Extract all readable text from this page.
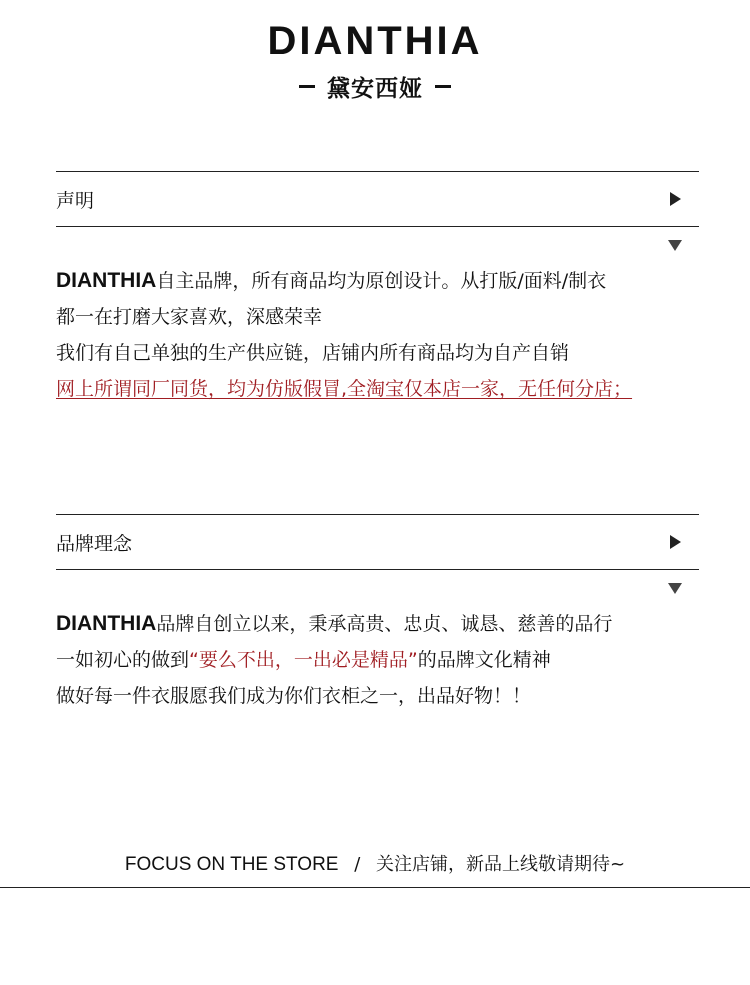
DIANTHIA
黛安西娅
声明
DIANTHIA自主品牌，所有商品均为原创设计。从打版/面料/制衣
都一在打磨大家喜欢，深感荣幸
我们有自己单独的生产供应链，店铺内所有商品均为自产自销
网上所谓同厂同货，均为仿版假冒,全淘宝仅本店一家，无任何分店；
品牌理念
DIANTHIA品牌自创立以来，秉承高贵、忠贞、诚恳、慈善的品行
一如初心的做到“要么不出，一出必是精品”的品牌文化精神
做好每一件衣服愿我们成为你们衣柜之一，出品好物！！
FOCUS ON THE STORE / 关注店铺，新品上线敬请期待~
